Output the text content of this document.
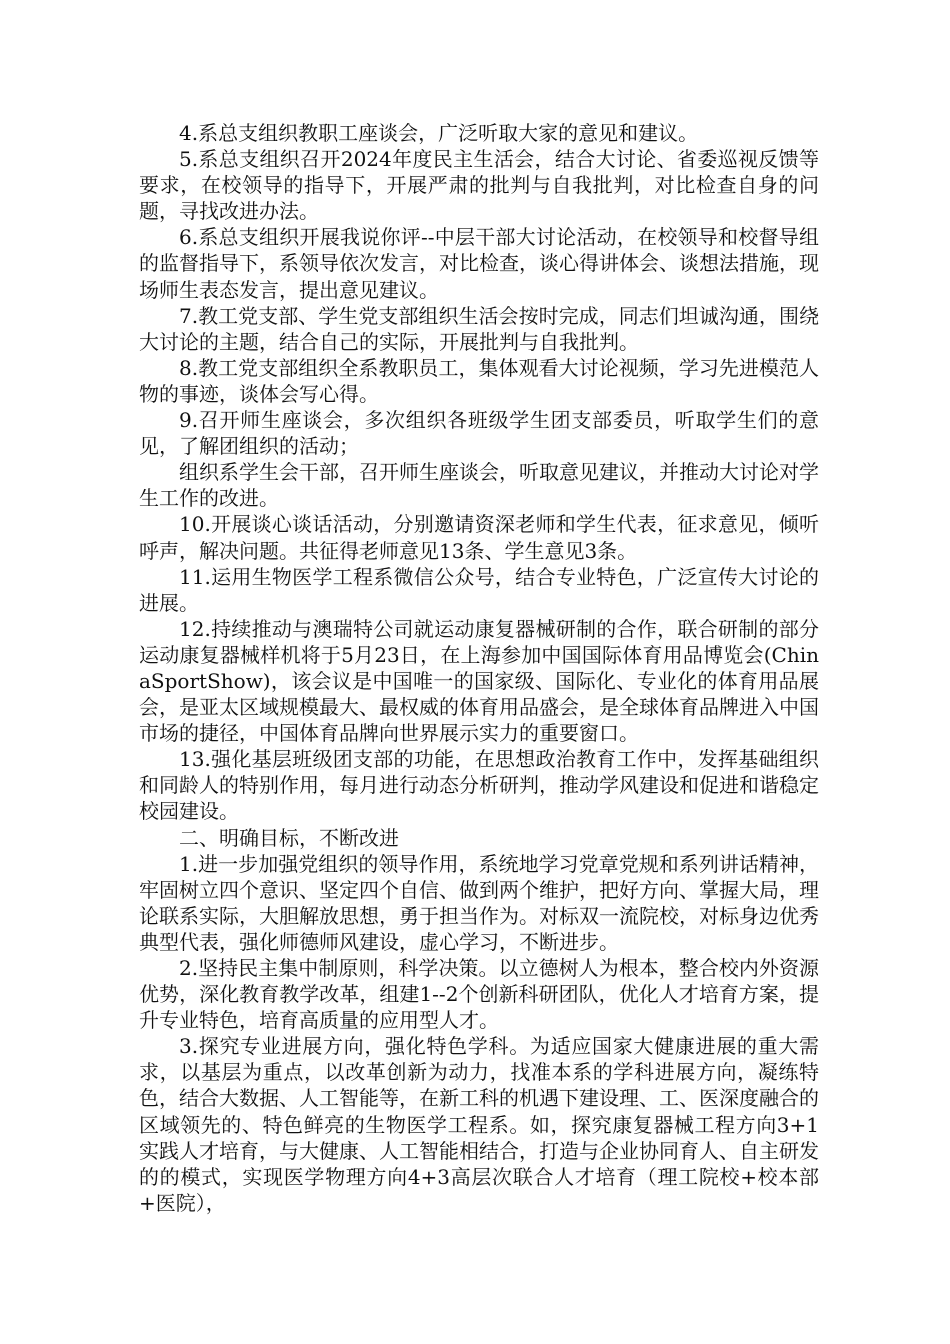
4.系总支组织教职工座谈会，广泛听取大家的意见和建议。

5.系总支组织召开2024年度民主生活会，结合大讨论、省委巡视反馈等要求，在校领导的指导下，开展严肃的批判与自我批判，对比检查自身的问题，寻找改进办法。

6.系总支组织开展我说你评--中层干部大讨论活动，在校领导和校督导组的监督指导下，系领导依次发言，对比检查，谈心得讲体会、谈想法措施，现场师生表态发言，提出意见建议。

7.教工党支部、学生党支部组织生活会按时完成，同志们坦诚沟通，围绕大讨论的主题，结合自己的实际，开展批判与自我批判。

8.教工党支部组织全系教职员工，集体观看大讨论视频，学习先进模范人物的事迹，谈体会写心得。

9.召开师生座谈会，多次组织各班级学生团支部委员，听取学生们的意见，了解团组织的活动；

组织系学生会干部，召开师生座谈会，听取意见建议，并推动大讨论对学生工作的改进。

10.开展谈心谈话活动，分别邀请资深老师和学生代表，征求意见，倾听呼声，解决问题。共征得老师意见13条、学生意见3条。

11.运用生物医学工程系微信公众号，结合专业特色，广泛宣传大讨论的进展。

12.持续推动与澳瑞特公司就运动康复器械研制的合作，联合研制的部分运动康复器械样机将于5月23日，在上海参加中国国际体育用品博览会(ChinaSportShow)，该会议是中国唯一的国家级、国际化、专业化的体育用品展会，是亚太区域规模最大、最权威的体育用品盛会，是全球体育品牌进入中国市场的捷径，中国体育品牌向世界展示实力的重要窗口。

13.强化基层班级团支部的功能，在思想政治教育工作中，发挥基础组织和同龄人的特别作用，每月进行动态分析研判，推动学风建设和促进和谐稳定校园建设。

二、明确目标，不断改进

1.进一步加强党组织的领导作用，系统地学习党章党规和系列讲话精神，牢固树立四个意识、坚定四个自信、做到两个维护，把好方向、掌握大局，理论联系实际，大胆解放思想，勇于担当作为。对标双一流院校，对标身边优秀典型代表，强化师德师风建设，虚心学习，不断进步。

2.坚持民主集中制原则，科学决策。以立德树人为根本，整合校内外资源优势，深化教育教学改革，组建1--2个创新科研团队，优化人才培育方案，提升专业特色，培育高质量的应用型人才。

3.探究专业进展方向，强化特色学科。为适应国家大健康进展的重大需求，以基层为重点，以改革创新为动力，找准本系的学科进展方向，凝练特色，结合大数据、人工智能等，在新工科的机遇下建设理、工、医深度融合的区域领先的、特色鲜亮的生物医学工程系。如，探究康复器械工程方向3+1实践人才培育，与大健康、人工智能相结合，打造与企业协同育人、自主研发的的模式，实现医学物理方向4+3高层次联合人才培育（理工院校+校本部+医院），
